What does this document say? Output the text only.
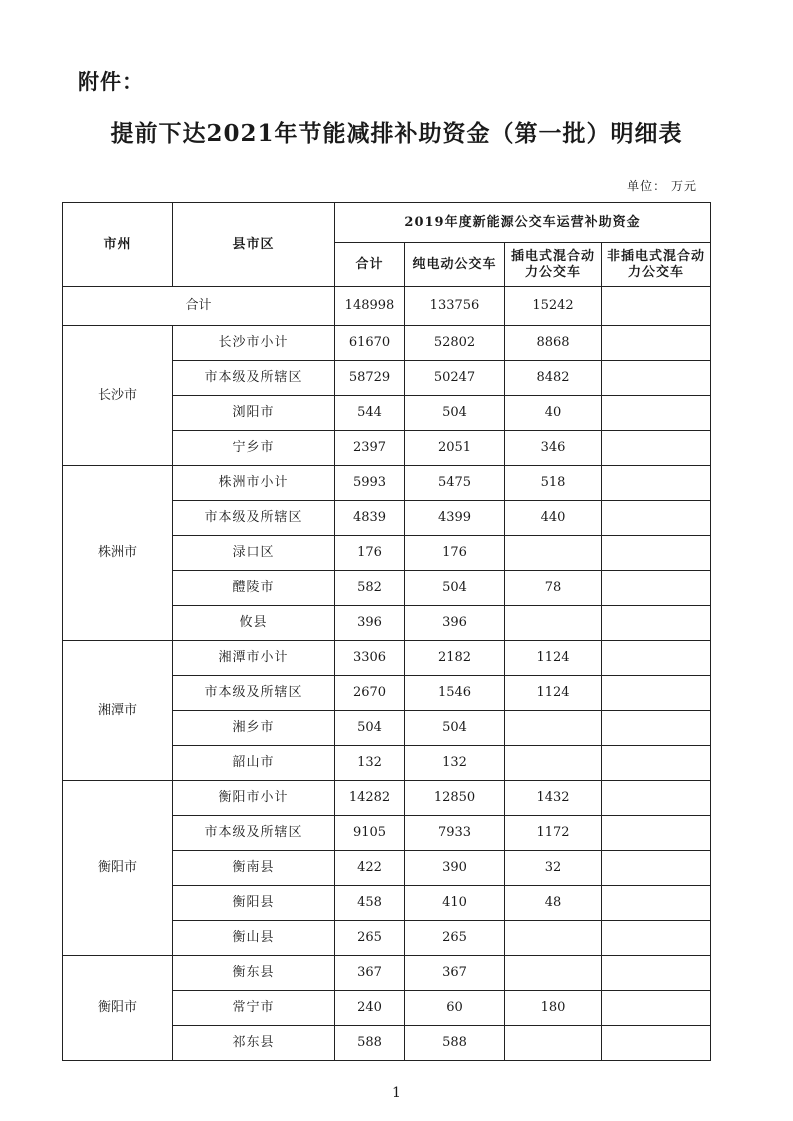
附件：
提前下达2021年节能减排补助资金（第一批）明细表
单位： 万元
市州	县市区	2019年度新能源公交车运营补助资金			
		合计	纯电动公交车	插电式混合动力公交车	非插电式混合动力公交车
合计		148998	133756	15242	
长沙市	长沙市小计	61670	52802	8868	
	市本级及所辖区	58729	50247	8482	
	浏阳市	544	504	40	
	宁乡市	2397	2051	346	
株洲市	株洲市小计	5993	5475	518	
	市本级及所辖区	4839	4399	440	
	渌口区	176	176		
	醴陵市	582	504	78	
	攸县	396	396		
湘潭市	湘潭市小计	3306	2182	1124	
	市本级及所辖区	2670	1546	1124	
	湘乡市	504	504		
	韶山市	132	132		
衡阳市	衡阳市小计	14282	12850	1432	
	市本级及所辖区	9105	7933	1172	
	衡南县	422	390	32	
	衡阳县	458	410	48	
	衡山县	265	265		
衡阳市	衡东县	367	367		
	常宁市	240	60	180	
	祁东县	588	588		
1
